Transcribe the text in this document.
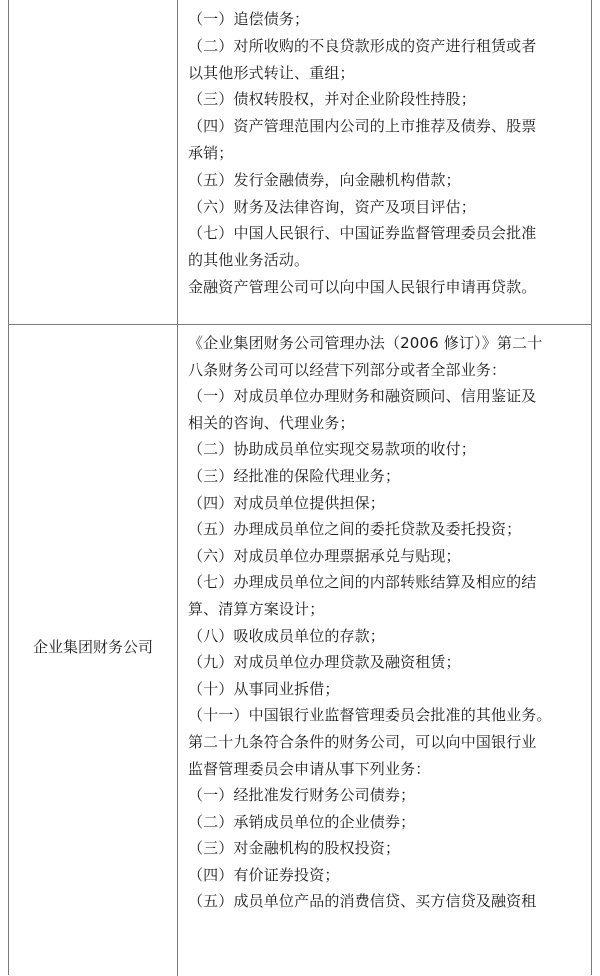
（一）追偿债务；
（二）对所收购的不良贷款形成的资产进行租赁或者
以其他形式转让、重组；
（三）债权转股权，并对企业阶段性持股；
（四）资产管理范围内公司的上市推荐及债券、股票
承销；
（五）发行金融债券，向金融机构借款；
（六）财务及法律咨询，资产及项目评估；
（七）中国人民银行、中国证券监督管理委员会批准
的其他业务活动。
金融资产管理公司可以向中国人民银行申请再贷款。
企业集团财务公司
《企业集团财务公司管理办法（2006 修订）》第二十
八条财务公司可以经营下列部分或者全部业务：
（一）对成员单位办理财务和融资顾问、信用鉴证及
相关的咨询、代理业务；
（二）协助成员单位实现交易款项的收付；
（三）经批准的保险代理业务；
（四）对成员单位提供担保；
（五）办理成员单位之间的委托贷款及委托投资；
（六）对成员单位办理票据承兑与贴现；
（七）办理成员单位之间的内部转账结算及相应的结
算、清算方案设计；
（八）吸收成员单位的存款；
（九）对成员单位办理贷款及融资租赁；
（十）从事同业拆借；
（十一）中国银行业监督管理委员会批准的其他业务。
第二十九条符合条件的财务公司，可以向中国银行业
监督管理委员会申请从事下列业务：
（一）经批准发行财务公司债券；
（二）承销成员单位的企业债券；
（三）对金融机构的股权投资；
（四）有价证券投资；
（五）成员单位产品的消费信贷、买方信贷及融资租
